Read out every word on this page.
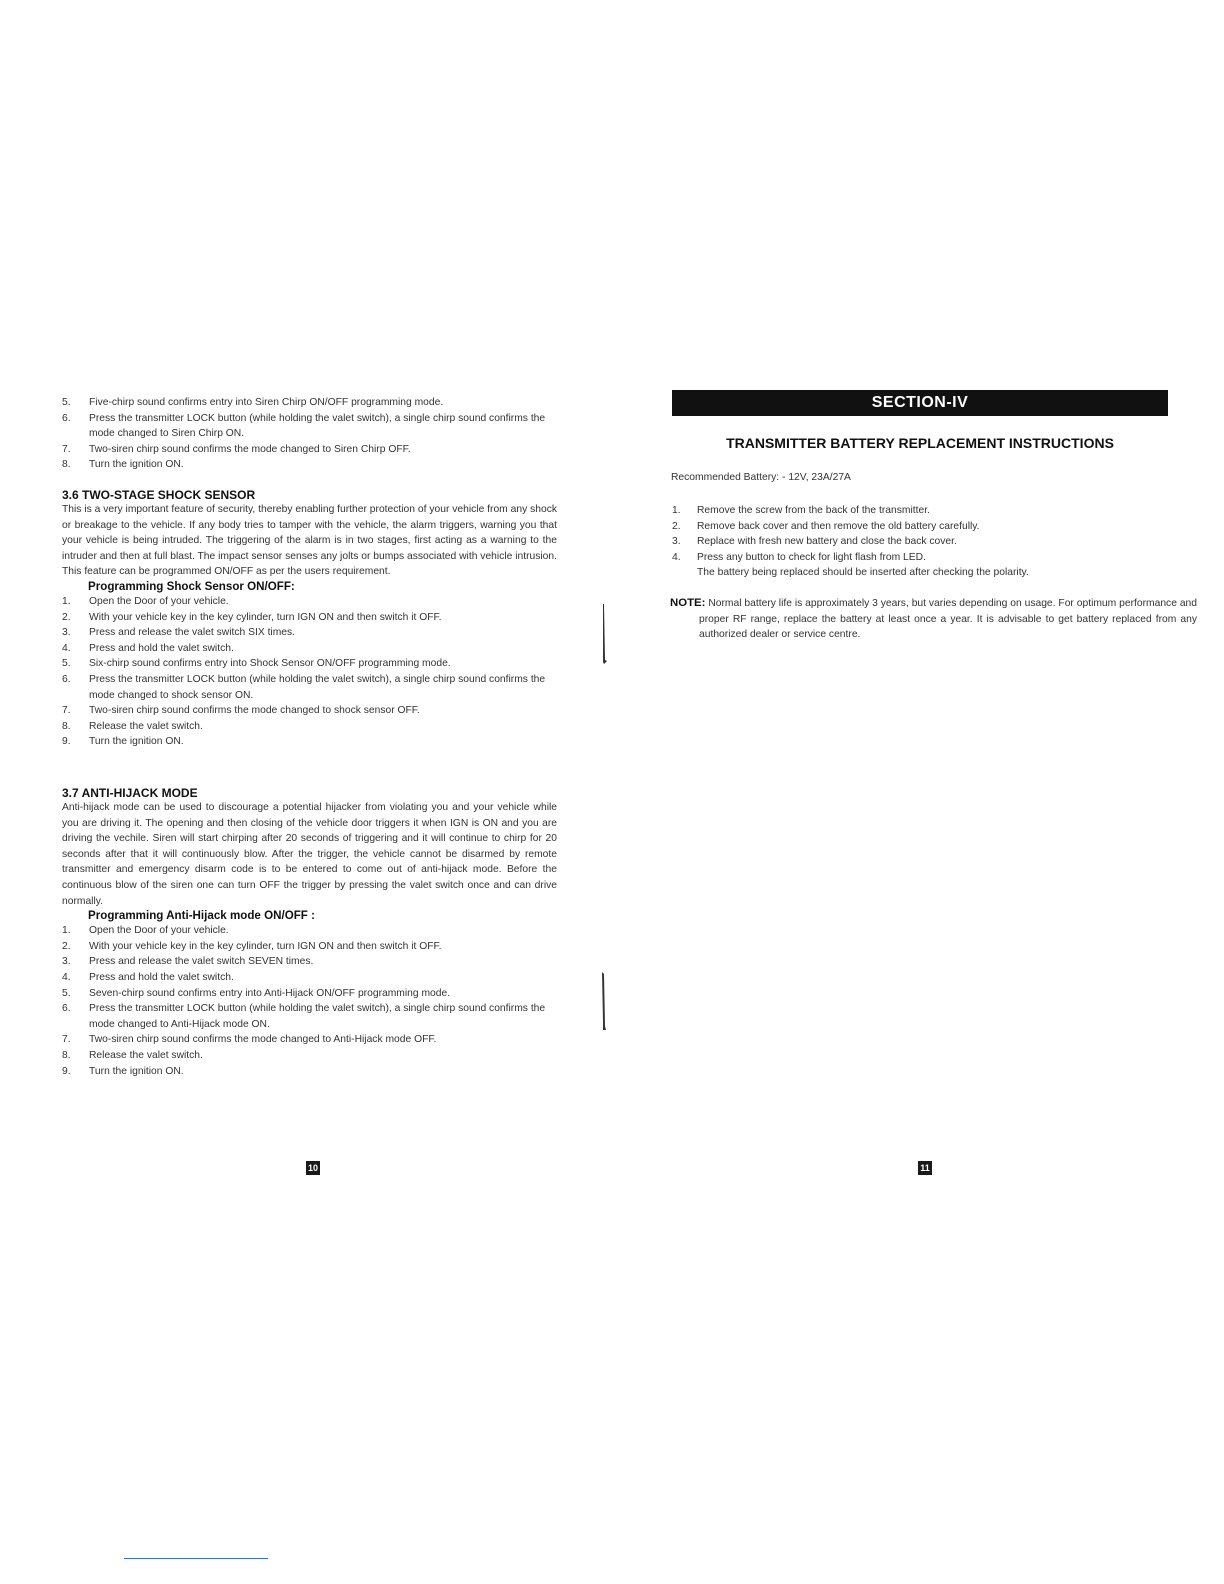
5. Five-chirp sound confirms entry into Siren Chirp ON/OFF programming mode.
6. Press the transmitter LOCK button (while holding the valet switch), a single chirp sound confirms the mode changed to Siren Chirp ON.
7. Two-siren chirp sound confirms the mode changed to Siren Chirp OFF.
8. Turn the ignition ON.
3.6 TWO-STAGE SHOCK SENSOR

This is a very important feature of security, thereby enabling further protection of your vehicle from any shock or breakage to the vehicle. If any body tries to tamper with the vehicle, the alarm triggers, warning you that your vehicle is being intruded. The triggering of the alarm is in two stages, first acting as a warning to the intruder and then at full blast. The impact sensor senses any jolts or bumps associated with vehicle intrusion. This feature can be programmed ON/OFF as per the users requirement.

Programming Shock Sensor ON/OFF:
1. Open the Door of your vehicle.
2. With your vehicle key in the key cylinder, turn IGN ON and then switch it OFF.
3. Press and release the valet switch SIX times.
4. Press and hold the valet switch.
5. Six-chirp sound confirms entry into Shock Sensor ON/OFF programming mode.
6. Press the transmitter LOCK button (while holding the valet switch), a single chirp sound confirms the mode changed to shock sensor ON.
7. Two-siren chirp sound confirms the mode changed to shock sensor OFF.
8. Release the valet switch.
9. Turn the ignition ON.
3.7 ANTI-HIJACK MODE

Anti-hijack mode can be used to discourage a potential hijacker from violating you and your vehicle while you are driving it. The opening and then closing of the vehicle door triggers it when IGN is ON and you are driving the vechile. Siren will start chirping after 20 seconds of triggering and it will continue to chirp for 20 seconds after that it will continuously blow. After the trigger, the vehicle cannot be disarmed by remote transmitter and emergency disarm code is to be entered to come out of anti-hijack mode. Before the continuous blow of the siren one can turn OFF the trigger by pressing the valet switch once and can drive normally.

Programming Anti-Hijack mode ON/OFF :
1. Open the Door of your vehicle.
2. With your vehicle key in the key cylinder, turn IGN ON and then switch it OFF.
3. Press and release the valet switch SEVEN times.
4. Press and hold the valet switch.
5. Seven-chirp sound confirms entry into Anti-Hijack ON/OFF programming mode.
6. Press the transmitter LOCK button (while holding the valet switch), a single chirp sound confirms the mode changed to Anti-Hijack mode ON.
7. Two-siren chirp sound confirms the mode changed to Anti-Hijack mode OFF.
8. Release the valet switch.
9. Turn the ignition ON.
10
SECTION-IV
TRANSMITTER BATTERY REPLACEMENT INSTRUCTIONS

Recommended Battery: - 12V, 23A/27A

1. Remove the screw from the back of the transmitter.
2. Remove back cover and then remove the old battery carefully.
3. Replace with fresh new battery and close the back cover.
4. Press any button to check for light flash from LED.
The battery being replaced should be inserted after checking the polarity.

NOTE: Normal battery life is approximately 3 years, but varies depending on usage. For optimum performance and proper RF range, replace the battery at least once a year. It is advisable to get battery replaced from any authorized dealer or service centre.

11
